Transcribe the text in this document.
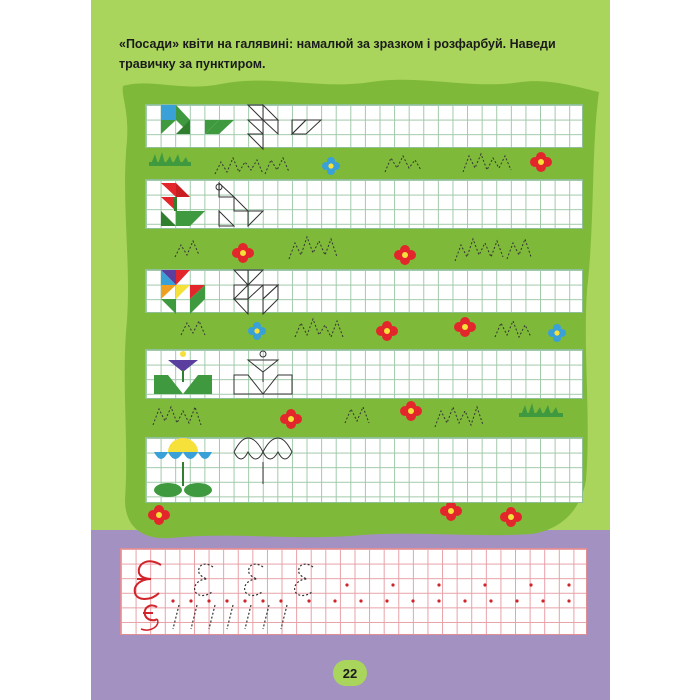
«Посади» квіти на галявині: намалюй за зразком і розфарбуй. Наведи травичку за пунктиром.

22
